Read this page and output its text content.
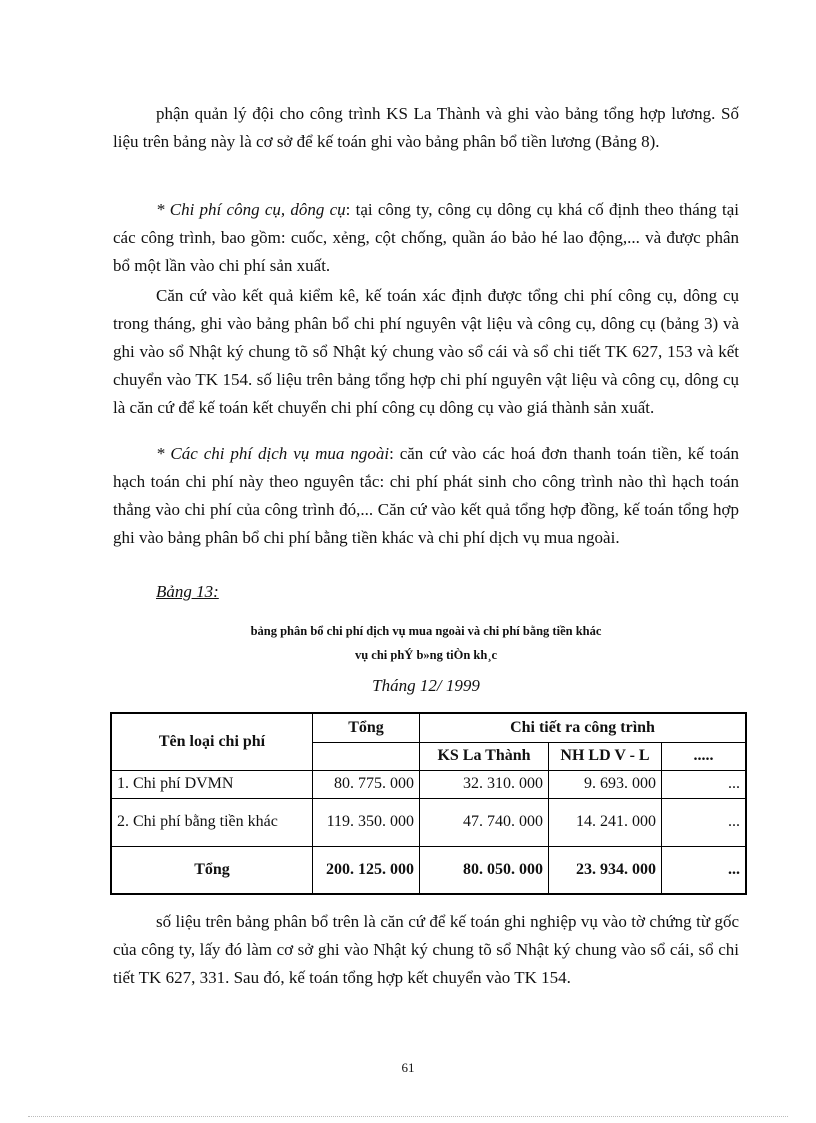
phận quản lý đội cho công trình KS La Thành và ghi vào bảng tổng hợp lương. Số liệu trên bảng này là cơ sở để kế toán ghi vào bảng phân bổ tiền lương (Bảng 8).

* Chi phí công cụ, dông cụ: tại công ty, công cụ dông cụ khá cố định theo tháng tại các công trình, bao gồm: cuốc, xẻng, cột chống, quần áo bảo hé lao động,... và được phân bổ một lần vào chi phí sản xuất.

Căn cứ vào kết quả kiểm kê, kế toán xác định được tổng chi phí công cụ, dông cụ trong tháng, ghi vào bảng phân bổ chi phí nguyên vật liệu và công cụ, dông cụ (bảng 3) và ghi vào sổ Nhật ký chung tõ sổ Nhật ký chung vào sổ cái và sổ chi tiết TK 627, 153 và kết chuyển vào TK 154. số liệu trên bảng tổng hợp chi phí nguyên vật liệu và công cụ, dông cụ là căn cứ để kế toán kết chuyển chi phí công cụ dông cụ vào giá thành sản xuất.

* Các chi phí dịch vụ mua ngoài: căn cứ vào các hoá đơn thanh toán tiền, kế toán hạch toán chi phí này theo nguyên tắc: chi phí phát sinh cho công trình nào thì hạch toán thẳng vào chi phí của công trình đó,... Căn cứ vào kết quả tổng hợp đồng, kế toán tổng hợp ghi vào bảng phân bổ chi phí bằng tiền khác và chi phí dịch vụ mua ngoài.

Bảng 13:
bảng phân bổ chi phí dịch vụ mua ngoài và chi phí bằng tiền khác
vụ chi phÝ b»ng tiÒn kh¸c
Tháng 12/ 1999
Tên loại chi phí	Tổng	Chi tiết ra công trình		
		KS La Thành	NH LD V - L	.....
1. Chi phí DVMN	80. 775. 000	32. 310. 000	9. 693. 000	...
2. Chi phí bằng tiền khác	119. 350. 000	47. 740. 000	14. 241. 000	...
Tổng	200. 125. 000	80. 050. 000	23. 934. 000	...

số liệu trên bảng phân bổ trên là căn cứ để kế toán ghi nghiệp vụ vào tờ chứng từ gốc của công ty, lấy đó làm cơ sở ghi vào Nhật ký chung tõ sổ Nhật ký chung vào sổ cái, sổ chi tiết TK 627, 331. Sau đó, kế toán tổng hợp kết chuyển vào TK 154.

61
